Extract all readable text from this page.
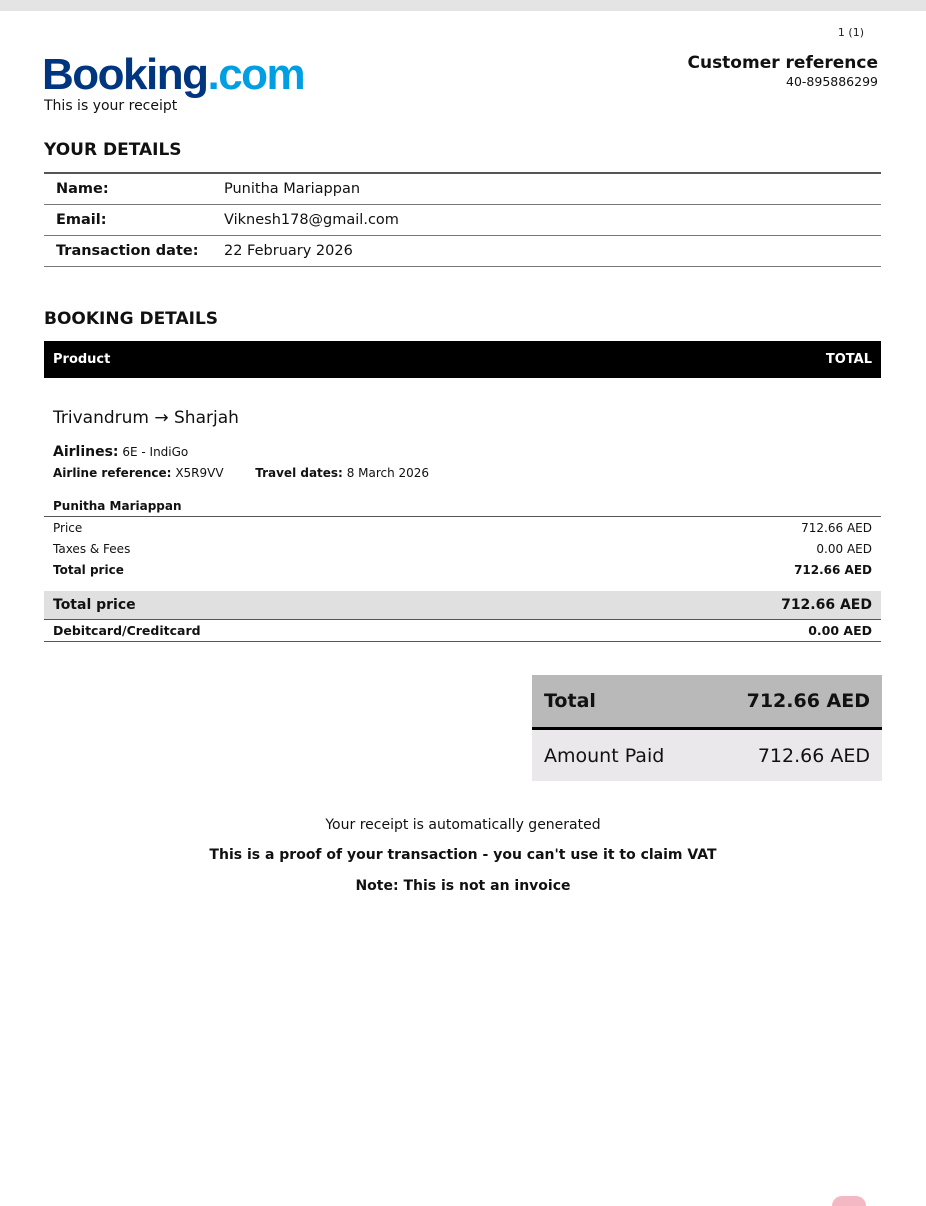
1 (1)
Booking.com
This is your receipt
Customer reference
40-895886299
YOUR DETAILS
Name:	Punitha Mariappan
Email:	Viknesh178@gmail.com
Transaction date:	22 February 2026
BOOKING DETAILS
Product	TOTAL
Trivandrum → Sharjah
Airlines: 6E - IndiGo
Airline reference: X5R9VV	Travel dates: 8 March 2026
Punitha Mariappan
Price	712.66 AED
Taxes & Fees	0.00 AED
Total price	712.66 AED
Total price	712.66 AED
Debitcard/Creditcard	0.00 AED
Total	712.66 AED
Amount Paid	712.66 AED
Your receipt is automatically generated
This is a proof of your transaction - you can't use it to claim VAT
Note: This is not an invoice
